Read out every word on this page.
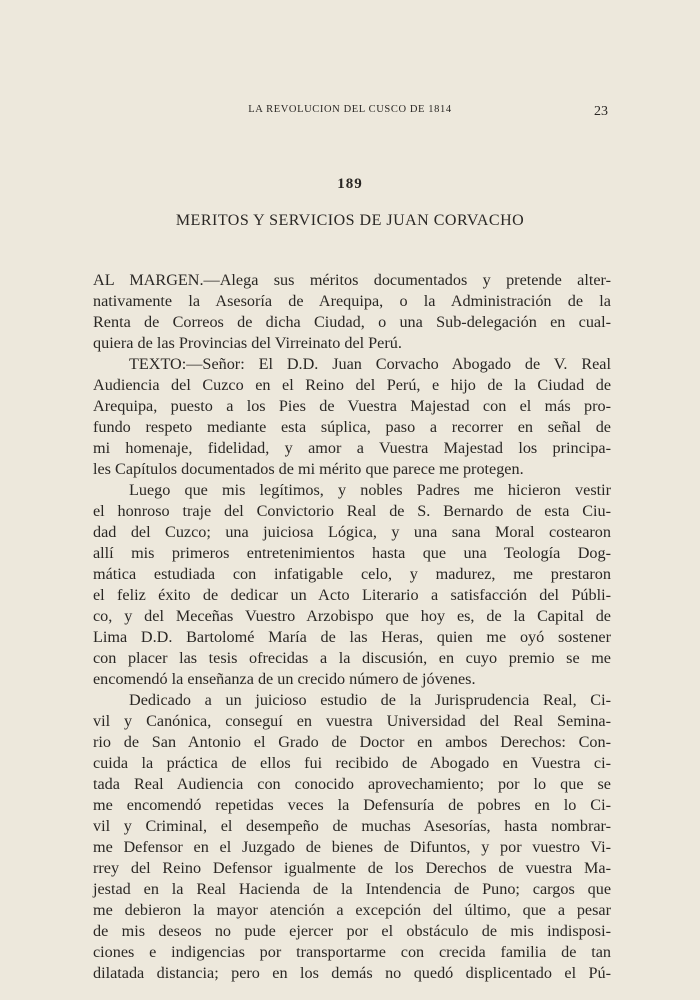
LA REVOLUCION DEL CUSCO DE 1814	23
189
MERITOS Y SERVICIOS DE JUAN CORVACHO
AL MARGEN.—Alega sus méritos documentados y pretende alter-
nativamente la Asesoría de Arequipa, o la Administración de la
Renta de Correos de dicha Ciudad, o una Sub-delegación en cual-
quiera de las Provincias del Virreinato del Perú.
TEXTO:—Señor: El D.D. Juan Corvacho Abogado de V. Real
Audiencia del Cuzco en el Reino del Perú, e hijo de la Ciudad de
Arequipa, puesto a los Pies de Vuestra Majestad con el más pro-
fundo respeto mediante esta súplica, paso a recorrer en señal de
mi homenaje, fidelidad, y amor a Vuestra Majestad los principa-
les Capítulos documentados de mi mérito que parece me protegen.
Luego que mis legítimos, y nobles Padres me hicieron vestir
el honroso traje del Convictorio Real de S. Bernardo de esta Ciu-
dad del Cuzco; una juiciosa Lógica, y una sana Moral costearon
allí mis primeros entretenimientos hasta que una Teología Dog-
mática estudiada con infatigable celo, y madurez, me prestaron
el feliz éxito de dedicar un Acto Literario a satisfacción del Públi-
co, y del Meceñas Vuestro Arzobispo que hoy es, de la Capital de
Lima D.D. Bartolomé María de las Heras, quien me oyó sostener
con placer las tesis ofrecidas a la discusión, en cuyo premio se me
encomendó la enseñanza de un crecido número de jóvenes.
Dedicado a un juicioso estudio de la Jurisprudencia Real, Ci-
vil y Canónica, conseguí en vuestra Universidad del Real Semina-
rio de San Antonio el Grado de Doctor en ambos Derechos: Con-
cuida la práctica de ellos fui recibido de Abogado en Vuestra ci-
tada Real Audiencia con conocido aprovechamiento; por lo que se
me encomendó repetidas veces la Defensuría de pobres en lo Ci-
vil y Criminal, el desempeño de muchas Asesorías, hasta nombrar-
me Defensor en el Juzgado de bienes de Difuntos, y por vuestro Vi-
rrey del Reino Defensor igualmente de los Derechos de vuestra Ma-
jestad en la Real Hacienda de la Intendencia de Puno; cargos que
me debieron la mayor atención a excepción del último, que a pesar
de mis deseos no pude ejercer por el obstáculo de mis indisposi-
ciones e indigencias por transportarme con crecida familia de tan
dilatada distancia; pero en los demás no quedó displicentado el Pú-
